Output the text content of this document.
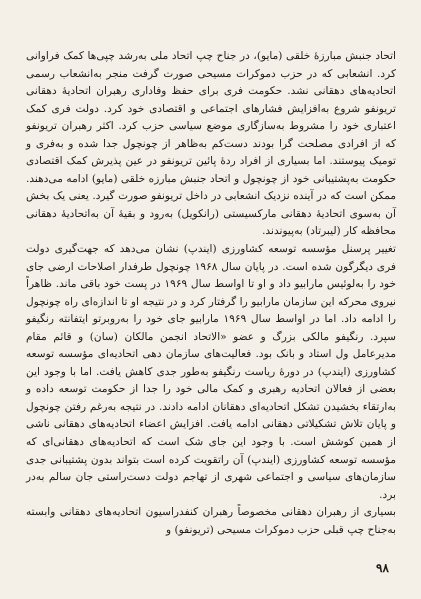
اتحاد جنبش مبارزهٔ خلقی (مایو)، در جناح چپ اتحاد ملی به‌رشد چپی‌ها کمک فراوانی کرد. انشعابی که در حزب دموکرات مسیحی صورت گرفت منجر به‌انشعاب رسمی اتحادیه‌های دهقانی نشد. حکومت فری برای حفظ وفاداری رهبران اتحادیهٔ دهقانی تریونفو شروع به‌افزایش فشارهای اجتماعی و اقتصادی خود کرد. دولت فری کمک اعتباری خود را مشروط به‌سازگاری موضع سیاسی حزب کرد. اکثر رهبران تریونفو که از افرادی مصلحت گرا بودند دست‌کم به‌ظاهر از چونچول جدا شده و به‌فری و تومیک پیوستند. اما بسیاری از افراد ردهٔ پائین تریونفو در عین پذیرش کمک اقتصادی حکومت به‌پشتیبانی خود از چونچول و اتحاد جنبش مبارزه خلقی (مایو) ادامه می‌دهند. ممکن است که در آینده نزدیک انشعابی در داخل تریونفو صورت گیرد. یعنی یک بخش آن به‌سوی اتحادیهٔ دهقانی مارکسیستی (رانکویل) به‌رود و بقیهٔ آن به‌اتحادیهٔ دهقانی محافظه کار (لیبرتاد) به‌پیوندند.

تغییر پرسنل مؤسسه توسعه کشاورزی (ایندپ) نشان می‌دهد که جهت‌گیری دولت فری دیگرگون شده است. در پایان سال ۱۹۶۸ چونچول طرفدار اصلاحات ارضی جای خود را به‌لوئیس مارابیو داد و او تا اواسط سال ۱۹۶۹ در پست خود باقی ماند. ظاهراً نیروی محرکه این سازمان مارابیو را گرفتار کرد و در نتیجه او تا اندازه‌ای راه چونچول را ادامه داد. اما در اواسط سال ۱۹۶۹ مارابیو جای خود را به‌روبرتو ایتفانته رنگیفو سپرد. رنگیفو مالکی بزرگ و عضو «الاتحاد انجمن مالکان (سان) و قائم مقام مدیرعامل ول استاد و بانک بود. فعالیت‌های سازمان دهی اتحادیه‌ای مؤسسه توسعه کشاورزی (ایندپ) در دورهٔ ریاست رنگیفو به‌طور جدی کاهش یافت. اما با وجود این بعضی از فعالان اتحادیه رهبری و کمک مالی خود را جدا از حکومت توسعه داده و به‌ارتقاء بخشیدن تشکل اتحادیه‌ای دهقانان ادامه دادند. در نتیجه به‌رغم رفتن چونچول و پایان تلاش تشکیلاتی دهقانی ادامه یافت. افزایش اعضاء اتحادیه‌های دهقانی ناشی از همین کوشش است. با وجود این جای شک است که اتحادیه‌های دهقانی‌ای که مؤسسه توسعه کشاورزی (ایندپ) آن راتقویت کرده است بتواند بدون پشتیبانی جدی سازمان‌های سیاسی و اجتماعی شهری از تهاجم دولت دست‌راستی جان سالم به‌در برد.

بسیاری از رهبران دهقانی مخصوصاً رهبران کنفدراسیون اتحادیه‌های دهقانی وابسته به‌جناح چپ قبلی حزب دموکرات مسیحی (تریونفو) و

۹۸
